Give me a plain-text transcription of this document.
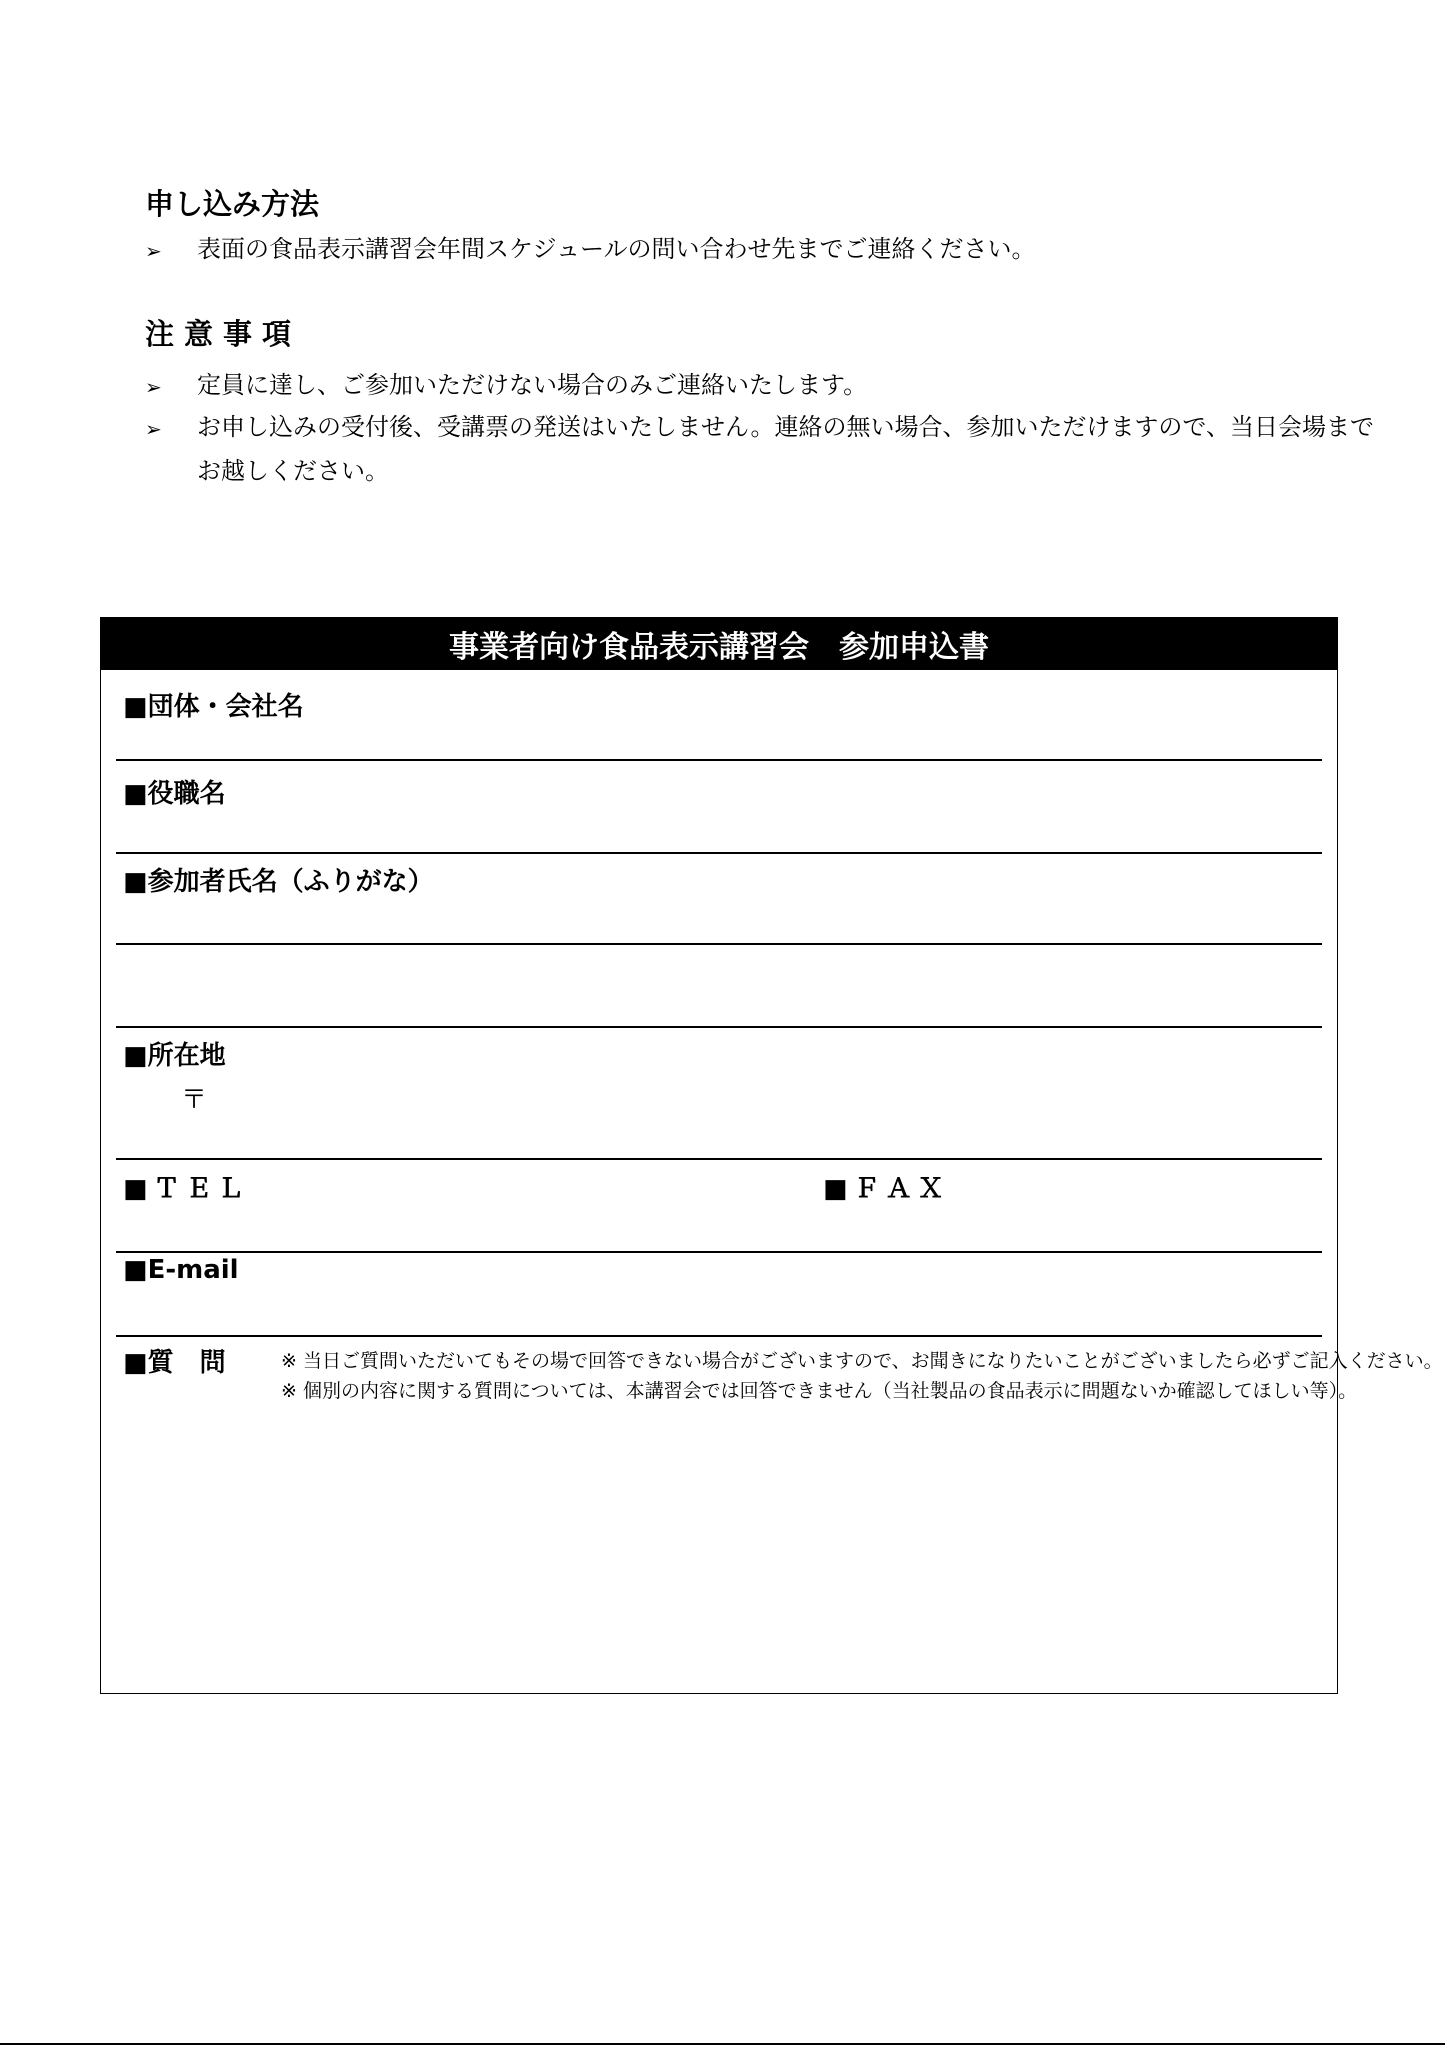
申し込み方法
➢	表面の食品表示講習会年間スケジュールの問い合わせ先までご連絡ください。
注意事項
➢	定員に達し、ご参加いただけない場合のみご連絡いたします。
➢	お申し込みの受付後、受講票の発送はいたしません。連絡の無い場合、参加いただけますので、当日会場までお越しください。
事業者向け食品表示講習会　参加申込書
■団体・会社名
■役職名
■参加者氏名（ふりがな）
■所在地
〒
■ＴＥＬ	■ＦＡＸ
■E-mail
■質　問	※ 当日ご質問いただいてもその場で回答できない場合がございますので、お聞きになりたいことがございましたら必ずご記入ください。
※ 個別の内容に関する質問については、本講習会では回答できません（当社製品の食品表示に問題ないか確認してほしい等）。
